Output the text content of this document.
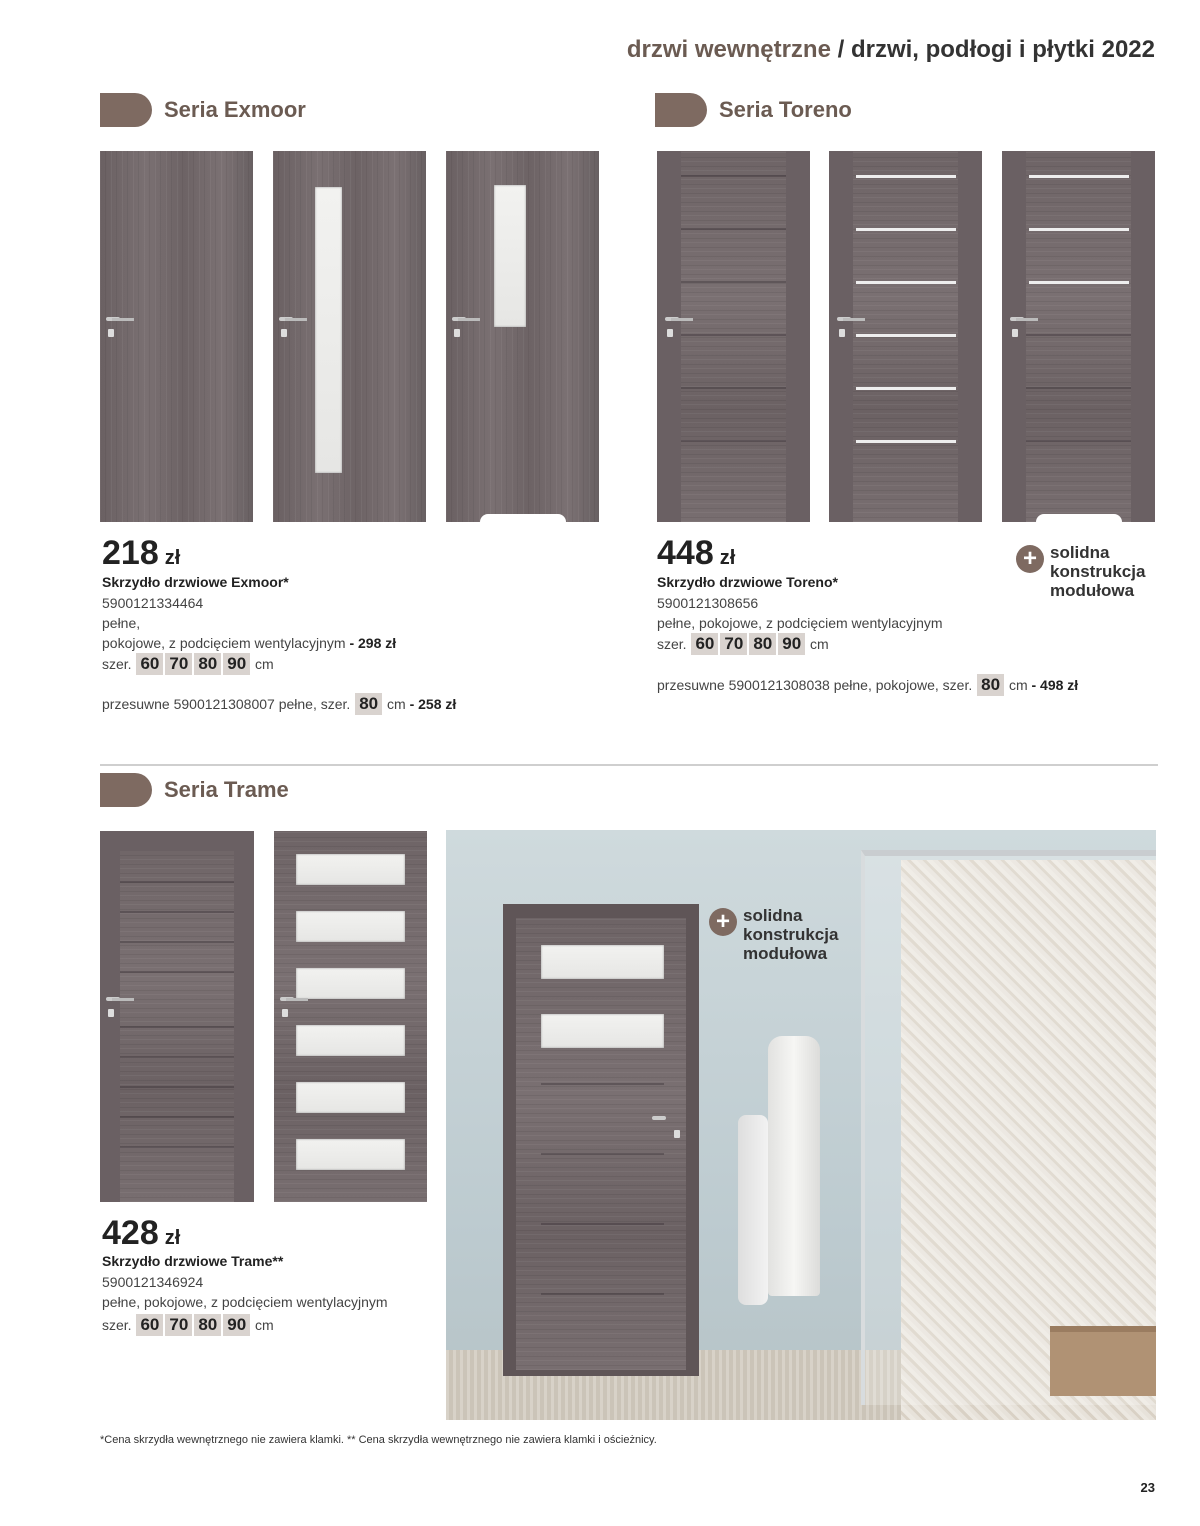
drzwi wewnętrzne / drzwi, podłogi i płytki 2022
Seria Exmoor
218 zł
Skrzydło drzwiowe Exmoor*
5900121334464
pełne,
pokojowe, z podcięciem wentylacyjnym - 298 zł
szer. 60 70 80 90 cm
przesuwne 5900121308007 pełne, szer. 80 cm - 258 zł
Seria Toreno
448 zł
Skrzydło drzwiowe Toreno*
5900121308656
pełne, pokojowe, z podcięciem wentylacyjnym
szer. 60 70 80 90 cm
przesuwne 5900121308038 pełne, pokojowe, szer. 80 cm - 498 zł
+ solidna
konstrukcja
modułowa
Seria Trame
428 zł
Skrzydło drzwiowe Trame**
5900121346924
pełne, pokojowe, z podcięciem wentylacyjnym
szer. 60 70 80 90 cm
+ solidna
konstrukcja
modułowa
*Cena skrzydła wewnętrznego nie zawiera klamki. ** Cena skrzydła wewnętrznego nie zawiera klamki i ościeżnicy.
23
